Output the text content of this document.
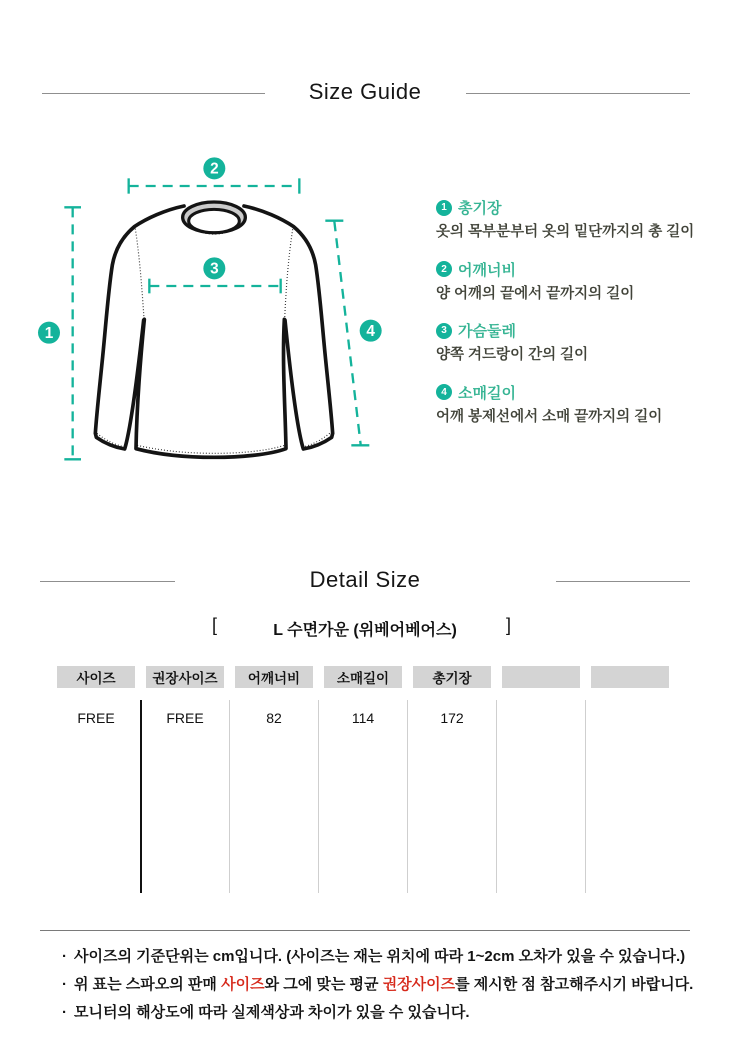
Size Guide
2
1
3
4
1 총기장
옷의 목부분부터 옷의 밑단까지의 총 길이
2 어깨너비
양 어깨의 끝에서 끝까지의 길이
3 가슴둘레
양쪽 겨드랑이 간의 길이
4 소매길이
어깨 봉제선에서 소매 끝까지의 길이
Detail Size
[	L 수면가운 (위베어베어스)	]
사이즈	권장사이즈	어깨너비	소매길이	총기장
FREE	FREE	82	114	172
· 사이즈의 기준단위는 cm입니다. (사이즈는 재는 위치에 따라 1~2cm 오차가 있을 수 있습니다.)
· 위 표는 스파오의 판매 사이즈와 그에 맞는 평균 권장사이즈를 제시한 점 참고해주시기 바랍니다.
· 모니터의 해상도에 따라 실제색상과 차이가 있을 수 있습니다.
